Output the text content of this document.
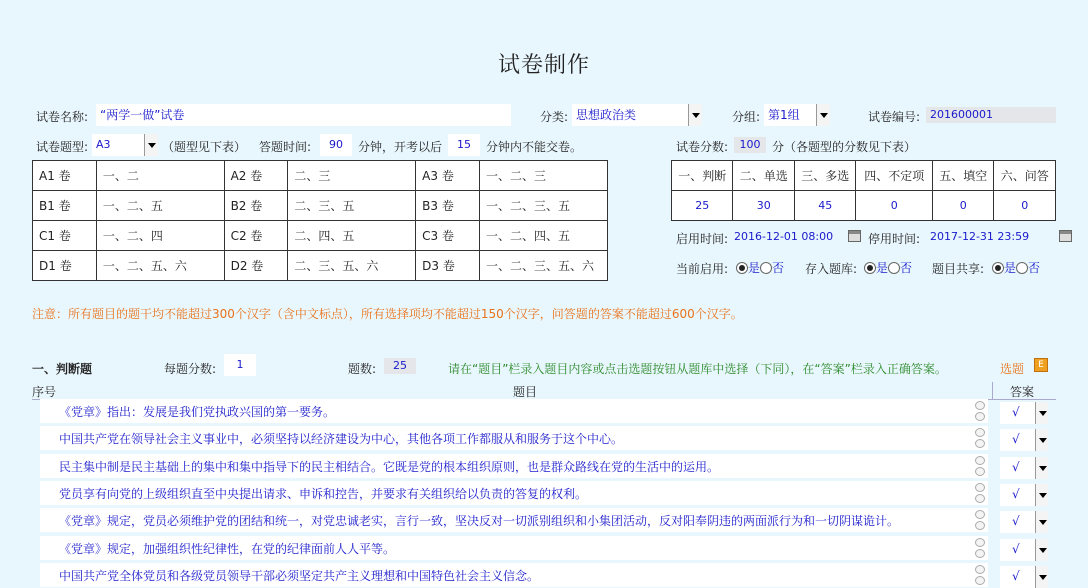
试卷制作
试卷名称: “两学一做”试卷	分类: 思想政治类	分组: 第1组	试卷编号: 201600001
试卷题型: A3	（题型见下表） 答题时间:	90	分钟，开考以后	15	分钟内不能交卷。	试卷分数:	100 分（各题型的分数见下表）
A1 卷	一、二	A2 卷	二、三	A3 卷	一、二、三
B1 卷	一、二、五	B2 卷	二、三、五	B3 卷	一、二、三、五
C1 卷	一、二、四	C2 卷	二、四、五	C3 卷	一、二、四、五
D1 卷	一、二、五、六	D2 卷	二、三、五、六	D3 卷	一、二、三、五、六
一、判断	二、单选	三、多选	四、不定项	五、填空	六、问答
25	30	45	0	0	0
启用时间: 2016-12-01 08:00
	停用时间: 2017-12-31 23:59
当前启用:	是 否 存入题库:	是 否 题目共享:	是 否
注意：所有题目的题干均不能超过300个汉字（含中文标点），所有选择项均不能超过150个汉字，问答题的答案不能超过600个汉字。
一、判断题	每题分数:	1	题数:	25	请在“题目”栏录入题目内容或点击选题按钮从题库中选择（下同），在“答案”栏录入正确答案。	选题	E
序号	题目	答案
《党章》指出：发展是我们党执政兴国的第一要务。	√
中国共产党在领导社会主义事业中，必须坚持以经济建设为中心，其他各项工作都服从和服务于这个中心。	√
民主集中制是民主基础上的集中和集中指导下的民主相结合。它既是党的根本组织原则，也是群众路线在党的生活中的运用。	√
党员享有向党的上级组织直至中央提出请求、申诉和控告，并要求有关组织给以负责的答复的权利。	√
《党章》规定，党员必须维护党的团结和统一，对党忠诚老实，言行一致，坚决反对一切派别组织和小集团活动，反对阳奉阴违的两面派行为和一切阴谋诡计。	√
《党章》规定，加强组织性纪律性，在党的纪律面前人人平等。	√
中国共产党全体党员和各级党员领导干部必须坚定共产主义理想和中国特色社会主义信念。	√
